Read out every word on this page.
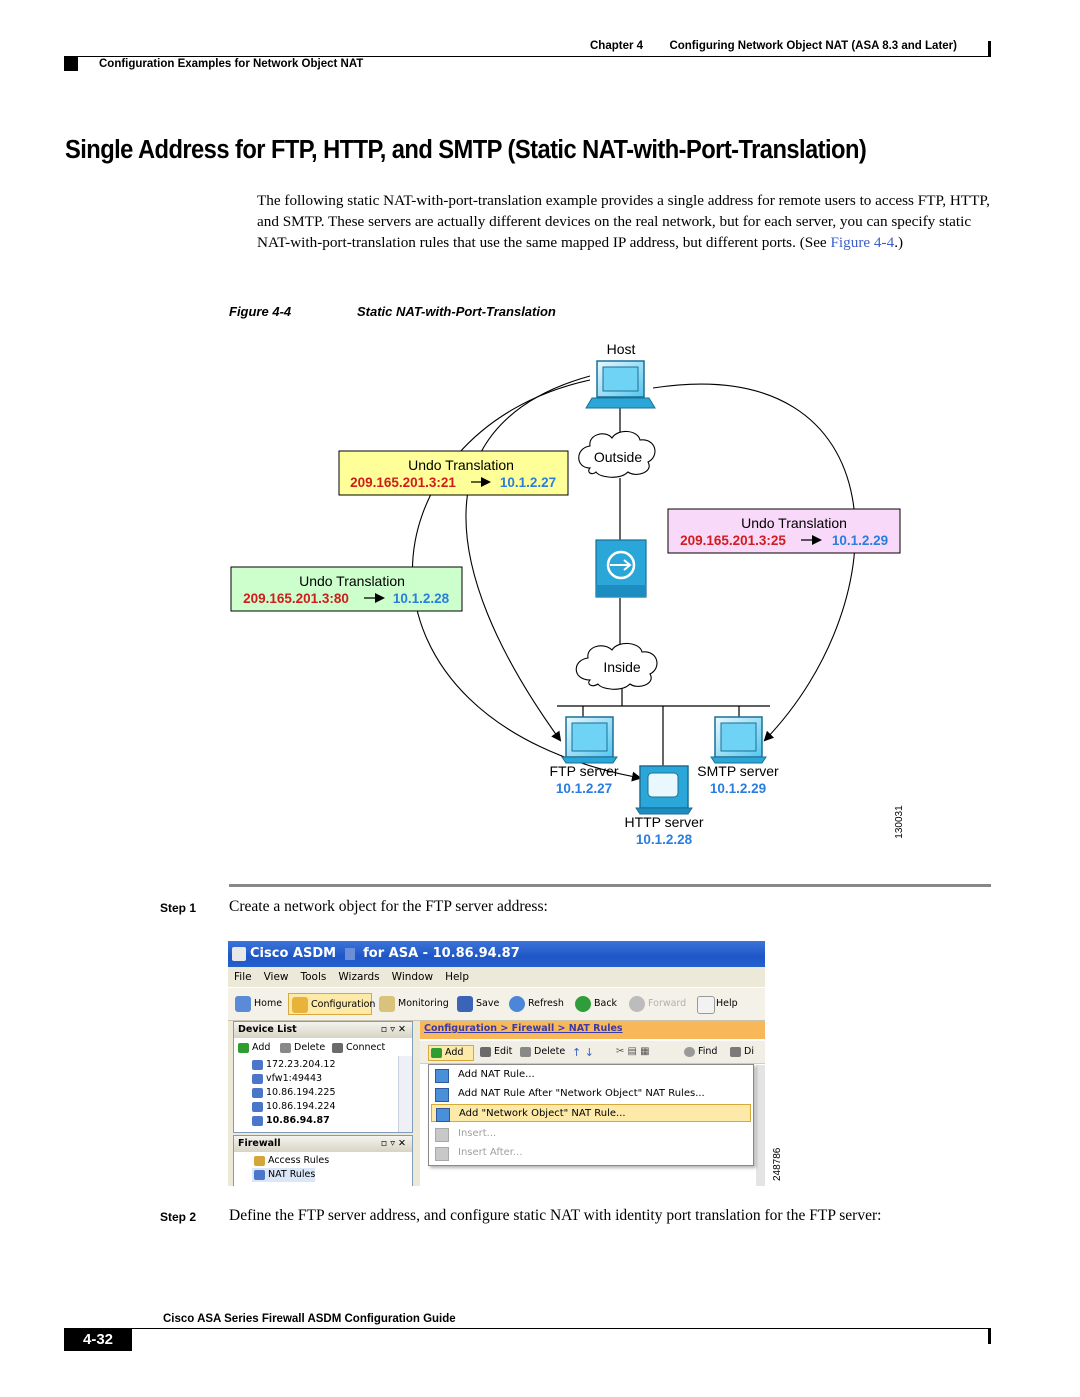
Chapter 4 Configuring Network Object NAT (ASA 8.3 and Later)
Configuration Examples for Network Object NAT
Single Address for FTP, HTTP, and SMTP (Static NAT-with-Port-Translation)
The following static NAT-with-port-translation example provides a single address for remote users to access FTP, HTTP, and SMTP. These servers are actually different devices on the real network, but for each server, you can specify static NAT-with-port-translation rules that use the same mapped IP address, but different ports. (See Figure 4-4.)
Figure 4-4	Static NAT-with-Port-Translation
Host
Outside
Inside
FTP server
10.1.2.27
SMTP server
10.1.2.29
HTTP server
10.1.2.28
Undo Translation
209.165.201.3:21	10.1.2.27
Undo Translation
209.165.201.3:25	10.1.2.29
Undo Translation
209.165.201.3:80	10.1.2.28
130031
Step 1 Create a network object for the FTP server address:
Cisco ASDM for ASA - 10.86.94.87
File View Tools Wizards Window Help
Home	Configuration	Monitoring	Save	Refresh	Back	Forward	Help
Device List	▫ ▿ ✕
Add	Delete	Connect
172.23.204.12
vfw1:49443
10.86.194.225
10.86.194.224
10.86.94.87
Firewall	▫ ▿ ✕
Access Rules
NAT Rules
Configuration > Firewall > NAT Rules
Add	Edit	Delete ↑ ↓ ✂ ▤ ▦	Find	Di
Add NAT Rule...
Add NAT Rule After "Network Object" NAT Rules...
Add "Network Object" NAT Rule...
Insert...
Insert After...	248786
Step 2 Define the FTP server address, and configure static NAT with identity port translation for the FTP server:
Cisco ASA Series Firewall ASDM Configuration Guide
4-32
